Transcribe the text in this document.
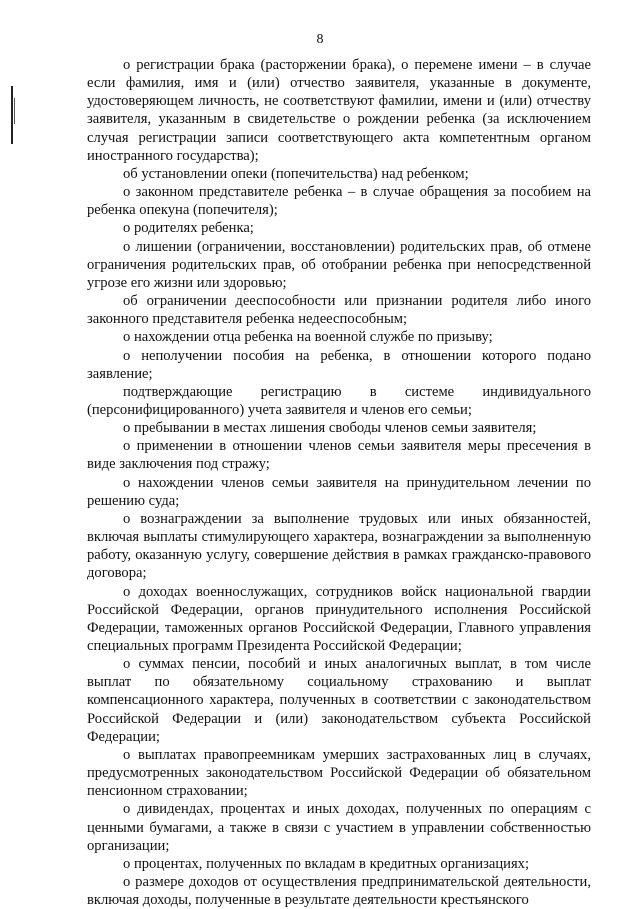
8

о регистрации брака (расторжении брака), о перемене имени – в случае если фамилия, имя и (или) отчество заявителя, указанные в документе, удостоверяющем личность, не соответствуют фамилии, имени и (или) отчеству заявителя, указанным в свидетельстве о рождении ребенка (за исключением случая регистрации записи соответствующего акта компетентным органом иностранного государства);

об установлении опеки (попечительства) над ребенком;

о законном представителе ребенка – в случае обращения за пособием на ребенка опекуна (попечителя);

о родителях ребенка;

о лишении (ограничении, восстановлении) родительских прав, об отмене ограничения родительских прав, об отобрании ребенка при непосредственной угрозе его жизни или здоровью;

об ограничении дееспособности или признании родителя либо иного законного представителя ребенка недееспособным;

о нахождении отца ребенка на военной службе по призыву;

о неполучении пособия на ребенка, в отношении которого подано заявление;

подтверждающие регистрацию в системе индивидуального (персонифицированного) учета заявителя и членов его семьи;

о пребывании в местах лишения свободы членов семьи заявителя;

о применении в отношении членов семьи заявителя меры пресечения в виде заключения под стражу;

о нахождении членов семьи заявителя на принудительном лечении по решению суда;

о вознаграждении за выполнение трудовых или иных обязанностей, включая выплаты стимулирующего характера, вознаграждении за выполненную работу, оказанную услугу, совершение действия в рамках гражданско-правового договора;

о доходах военнослужащих, сотрудников войск национальной гвардии Российской Федерации, органов принудительного исполнения Российской Федерации, таможенных органов Российской Федерации, Главного управления специальных программ Президента Российской Федерации;

о суммах пенсии, пособий и иных аналогичных выплат, в том числе выплат по обязательному социальному страхованию и выплат компенсационного характера, полученных в соответствии с законодательством Российской Федерации и (или) законодательством субъекта Российской Федерации;

о выплатах правопреемникам умерших застрахованных лиц в случаях, предусмотренных законодательством Российской Федерации об обязательном пенсионном страховании;

о дивидендах, процентах и иных доходах, полученных по операциям с ценными бумагами, а также в связи с участием в управлении собственностью организации;

о процентах, полученных по вкладам в кредитных организациях;

о размере доходов от осуществления предпринимательской деятельности, включая доходы, полученные в результате деятельности крестьянского
